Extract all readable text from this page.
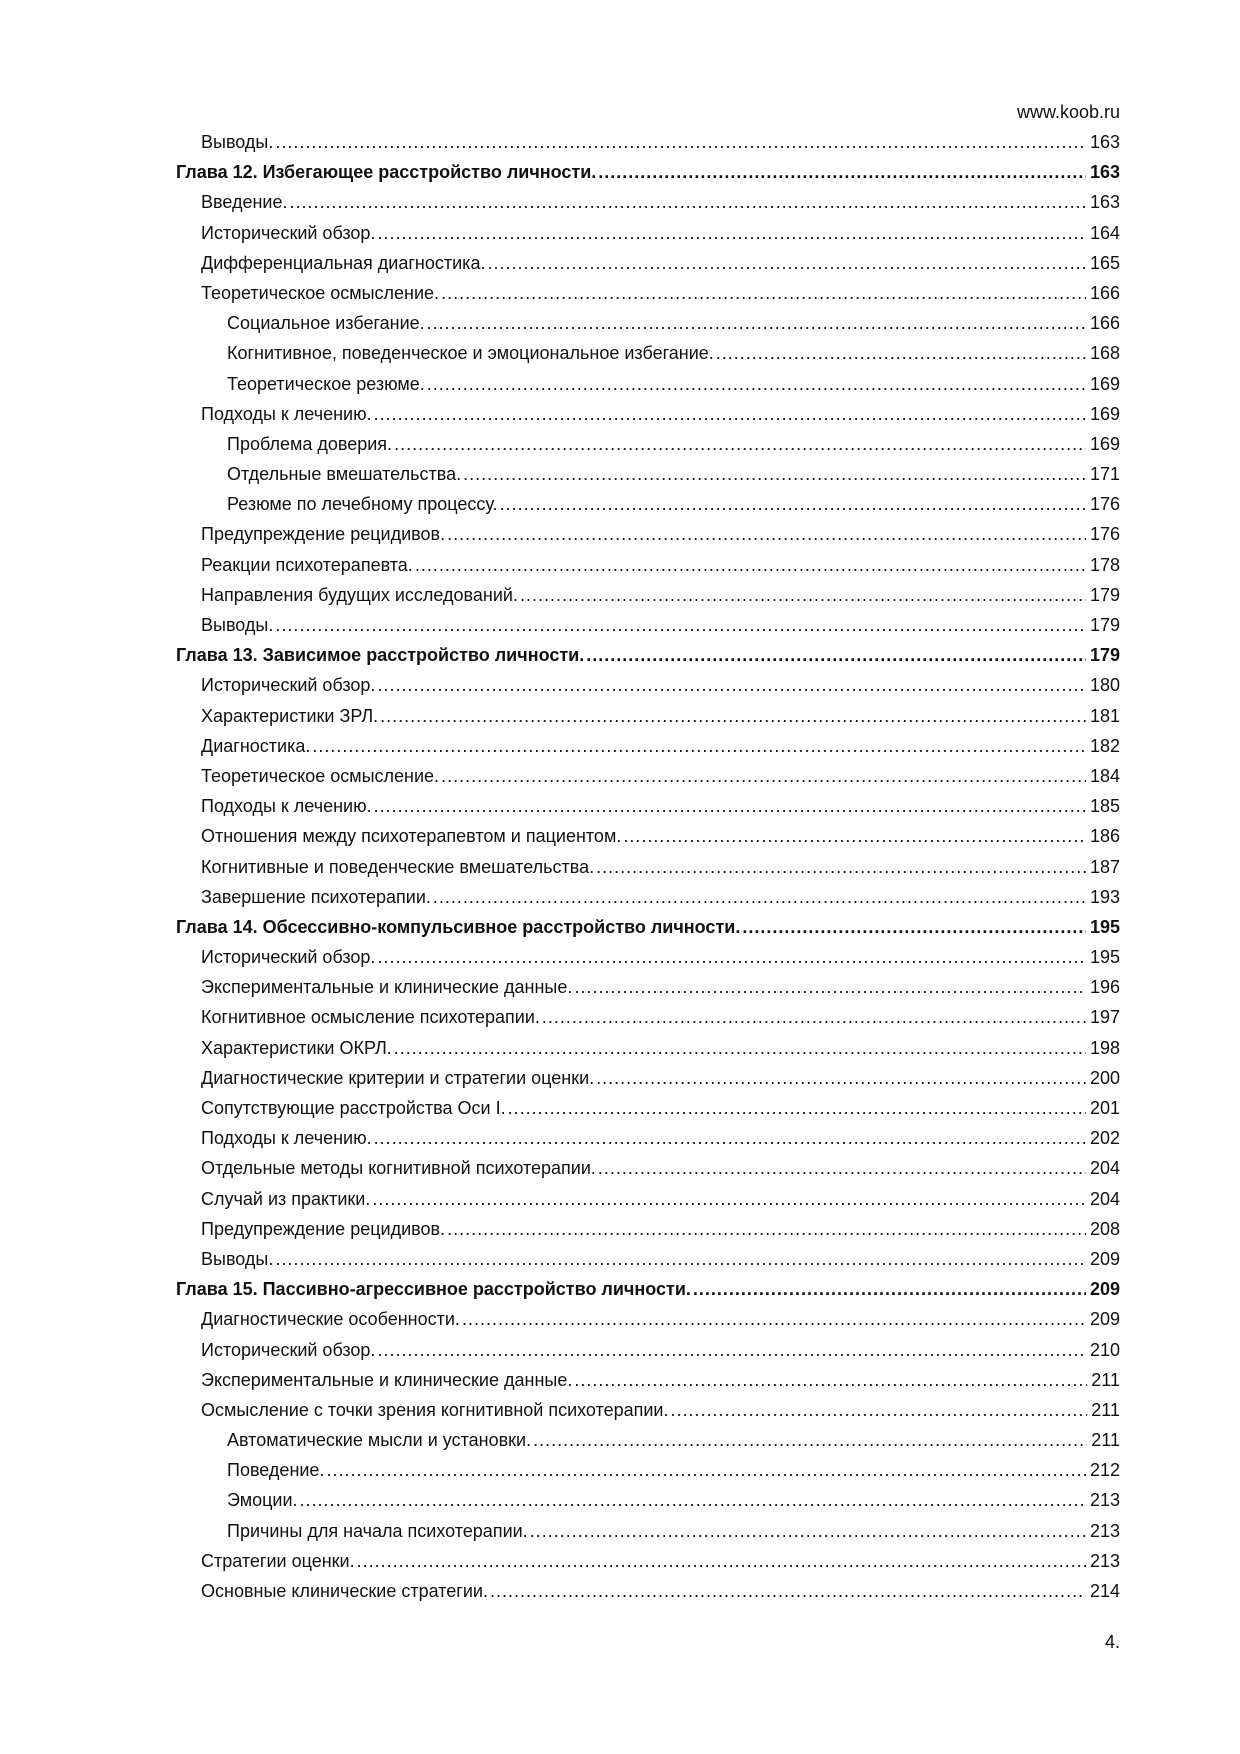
www.koob.ru
Выводы. .....	163
Глава 12. Избегающее расстройство личности. .....	163
Введение. .....	163
Исторический обзор. .....	164
Дифференциальная диагностика. .....	165
Теоретическое осмысление. .....	166
Социальное избегание. .....	166
Когнитивное, поведенческое и эмоциональное избегание. .....	168
Теоретическое резюме. .....	169
Подходы к лечению. .....	169
Проблема доверия. .....	169
Отдельные вмешательства. .....	171
Резюме по лечебному процессу. .....	176
Предупреждение рецидивов. .....	176
Реакции психотерапевта. .....	178
Направления будущих исследований. .....	179
Выводы. .....	179
Глава 13. Зависимое расстройство личности. .....	179
Исторический обзор. .....	180
Характеристики ЗРЛ. .....	181
Диагностика. .....	182
Теоретическое осмысление. .....	184
Подходы к лечению. .....	185
Отношения между психотерапевтом и пациентом. .....	186
Когнитивные и поведенческие вмешательства. .....	187
Завершение психотерапии. .....	193
Глава 14. Обсессивно-компульсивное расстройство личности. .....	195
Исторический обзор. .....	195
Экспериментальные и клинические данные. .....	196
Когнитивное осмысление психотерапии. .....	197
Характеристики ОКРЛ. .....	198
Диагностические критерии и стратегии оценки. .....	200
Сопутствующие расстройства Оси I. .....	201
Подходы к лечению. .....	202
Отдельные методы когнитивной психотерапии. .....	204
Случай из практики. .....	204
Предупреждение рецидивов. .....	208
Выводы. .....	209
Глава 15. Пассивно-агрессивное расстройство личности. .....	209
Диагностические особенности. .....	209
Исторический обзор. .....	210
Экспериментальные и клинические данные. .....	211
Осмысление с точки зрения когнитивной психотерапии. .....	211
Автоматические мысли и установки. .....	211
Поведение. .....	212
Эмоции. .....	213
Причины для начала психотерапии. .....	213
Стратегии оценки. .....	213
Основные клинические стратегии. .....	214
4.
